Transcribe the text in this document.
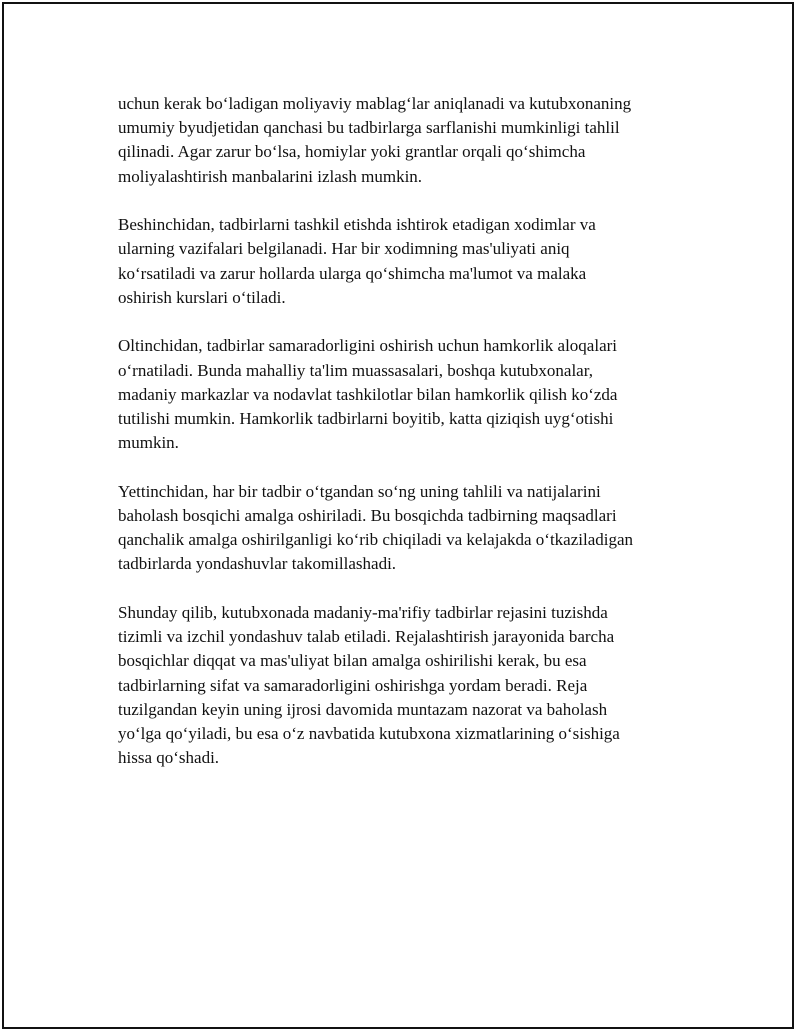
uchun kerak bo‘ladigan moliyaviy mablag‘lar aniqlanadi va kutubxonaning
umumiy byudjetidan qanchasi bu tadbirlarga sarflanishi mumkinligi tahlil
qilinadi. Agar zarur bo‘lsa, homiylar yoki grantlar orqali qo‘shimcha
moliyalashtirish manbalarini izlash mumkin.

Beshinchidan, tadbirlarni tashkil etishda ishtirok etadigan xodimlar va
ularning vazifalari belgilanadi. Har bir xodimning mas'uliyati aniq
ko‘rsatiladi va zarur hollarda ularga qo‘shimcha ma'lumot va malaka
oshirish kurslari o‘tiladi.

Oltinchidan, tadbirlar samaradorligini oshirish uchun hamkorlik aloqalari
o‘rnatiladi. Bunda mahalliy ta'lim muassasalari, boshqa kutubxonalar,
madaniy markazlar va nodavlat tashkilotlar bilan hamkorlik qilish ko‘zda
tutilishi mumkin. Hamkorlik tadbirlarni boyitib, katta qiziqish uyg‘otishi
mumkin.

Yettinchidan, har bir tadbir o‘tgandan so‘ng uning tahlili va natijalarini
baholash bosqichi amalga oshiriladi. Bu bosqichda tadbirning maqsadlari
qanchalik amalga oshirilganligi ko‘rib chiqiladi va kelajakda o‘tkaziladigan
tadbirlarda yondashuvlar takomillashadi.

Shunday qilib, kutubxonada madaniy-ma'rifiy tadbirlar rejasini tuzishda
tizimli va izchil yondashuv talab etiladi. Rejalashtirish jarayonida barcha
bosqichlar diqqat va mas'uliyat bilan amalga oshirilishi kerak, bu esa
tadbirlarning sifat va samaradorligini oshirishga yordam beradi. Reja
tuzilgandan keyin uning ijrosi davomida muntazam nazorat va baholash
yo‘lga qo‘yiladi, bu esa o‘z navbatida kutubxona xizmatlarining o‘sishiga
hissa qo‘shadi.
